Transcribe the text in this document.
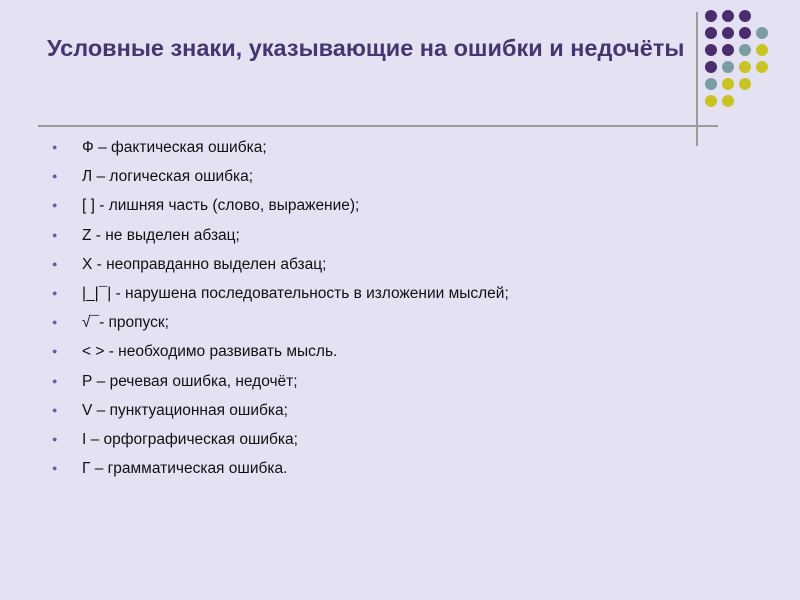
Условные знаки, указывающие на ошибки и недочёты
● Ф – фактическая ошибка;
● Л – логическая ошибка;
● [ ] - лишняя часть (слово, выражение);
● Z - не выделен абзац;
● Х - неоправданно выделен абзац;
● |_|¯| - нарушена последовательность в изложении мыслей;
● √¯- пропуск;
● < > - необходимо развивать мысль.
● Р – речевая ошибка, недочёт;
● V – пунктуационная ошибка;
● I – орфографическая ошибка;
● Г – грамматическая ошибка.
